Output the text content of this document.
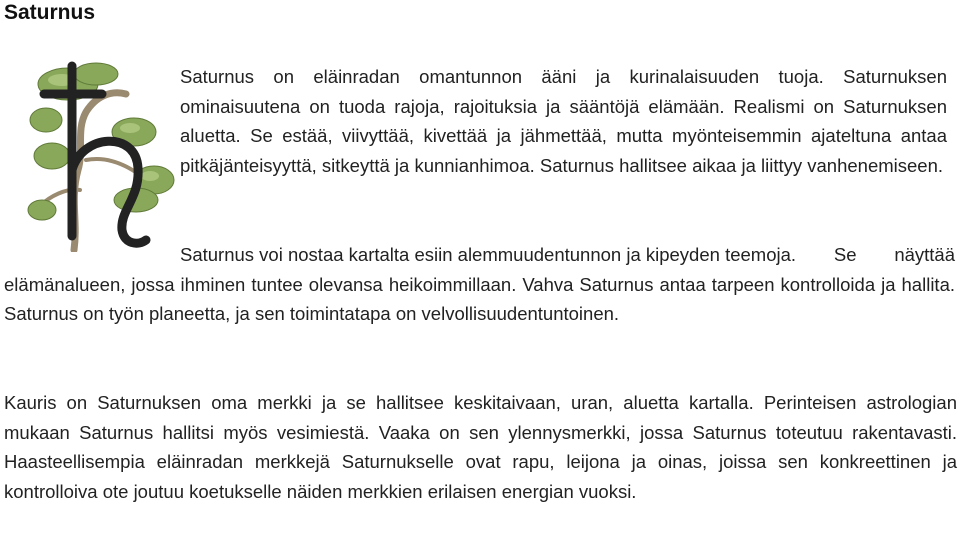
Saturnus

Saturnus on eläinradan omantunnon ääni ja kurinalaisuuden tuoja. Saturnuksen ominaisuutena on tuoda rajoja, rajoituksia ja sääntöjä elämään. Realismi on Saturnuksen aluetta. Se estää, viivyttää, kivettää ja jähmettää, mutta myönteisemmin ajateltuna antaa pitkäjänteisyyttä, sitkeyttä ja kunnianhimoa. Saturnus hallitsee aikaa ja liittyy vanhenemiseen.

Saturnus voi nostaa kartalta esiin alemmuudentunnon ja kipeyden teemoja. Se näyttää elämänalueen, jossa ihminen tuntee olevansa heikoimmillaan. Vahva Saturnus antaa tarpeen kontrolloida ja hallita. Saturnus on työn planeetta, ja sen toimintatapa on velvollisuudentuntoinen.

Kauris on Saturnuksen oma merkki ja se hallitsee keskitaivaan, uran, aluetta kartalla. Perinteisen astrologian mukaan Saturnus hallitsi myös vesimiestä. Vaaka on sen ylennysmerkki, jossa Saturnus toteutuu rakentavasti. Haasteellisempia eläinradan merkkejä Saturnukselle ovat rapu, leijona ja oinas, joissa sen konkreettinen ja kontrolloiva ote joutuu koetukselle näiden merkkien erilaisen energian vuoksi.
